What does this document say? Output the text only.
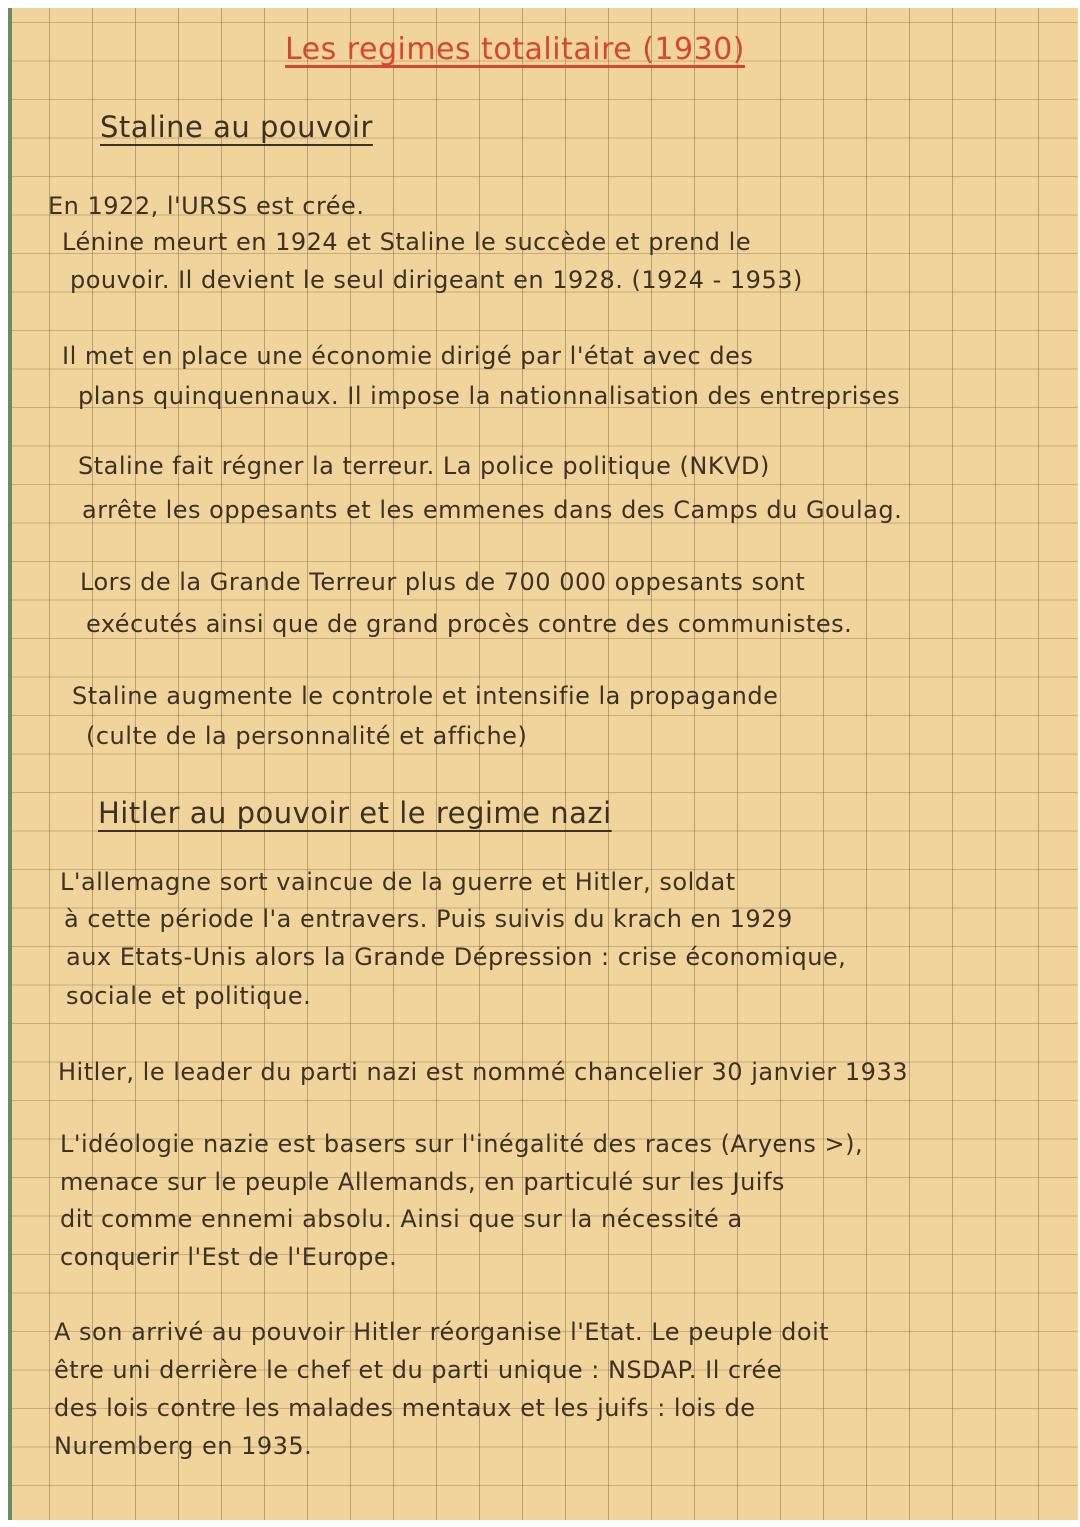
Les regimes totalitaire (1930)
Staline au pouvoir
En 1922, l'URSS est crée.
Lénine meurt en 1924 et Staline le succède et prend le
pouvoir. Il devient le seul dirigeant en 1928. (1924 - 1953)
Il met en place une économie dirigé par l'état avec des
plans quinquennaux. Il impose la nationnalisation des entreprises
Staline fait régner la terreur. La police politique (NKVD)
arrête les oppesants et les emmenes dans des Camps du Goulag.
Lors de la Grande Terreur plus de 700 000 oppesants sont
exécutés ainsi que de grand procès contre des communistes.
Staline augmente le controle et intensifie la propagande
(culte de la personnalité et affiche)
Hitler au pouvoir et le regime nazi
L'allemagne sort vaincue de la guerre et Hitler, soldat
à cette période l'a entravers. Puis suivis du krach en 1929
aux Etats-Unis alors la Grande Dépression : crise économique,
sociale et politique.
Hitler, le leader du parti nazi est nommé chancelier 30 janvier 1933
L'idéologie nazie est basers sur l'inégalité des races (Aryens >),
menace sur le peuple Allemands, en particulé sur les Juifs
dit comme ennemi absolu. Ainsi que sur la nécessité a
conquerir l'Est de l'Europe.
A son arrivé au pouvoir Hitler réorganise l'Etat. Le peuple doit
être uni derrière le chef et du parti unique : NSDAP. Il crée
des lois contre les malades mentaux et les juifs : lois de
Nuremberg en 1935.
